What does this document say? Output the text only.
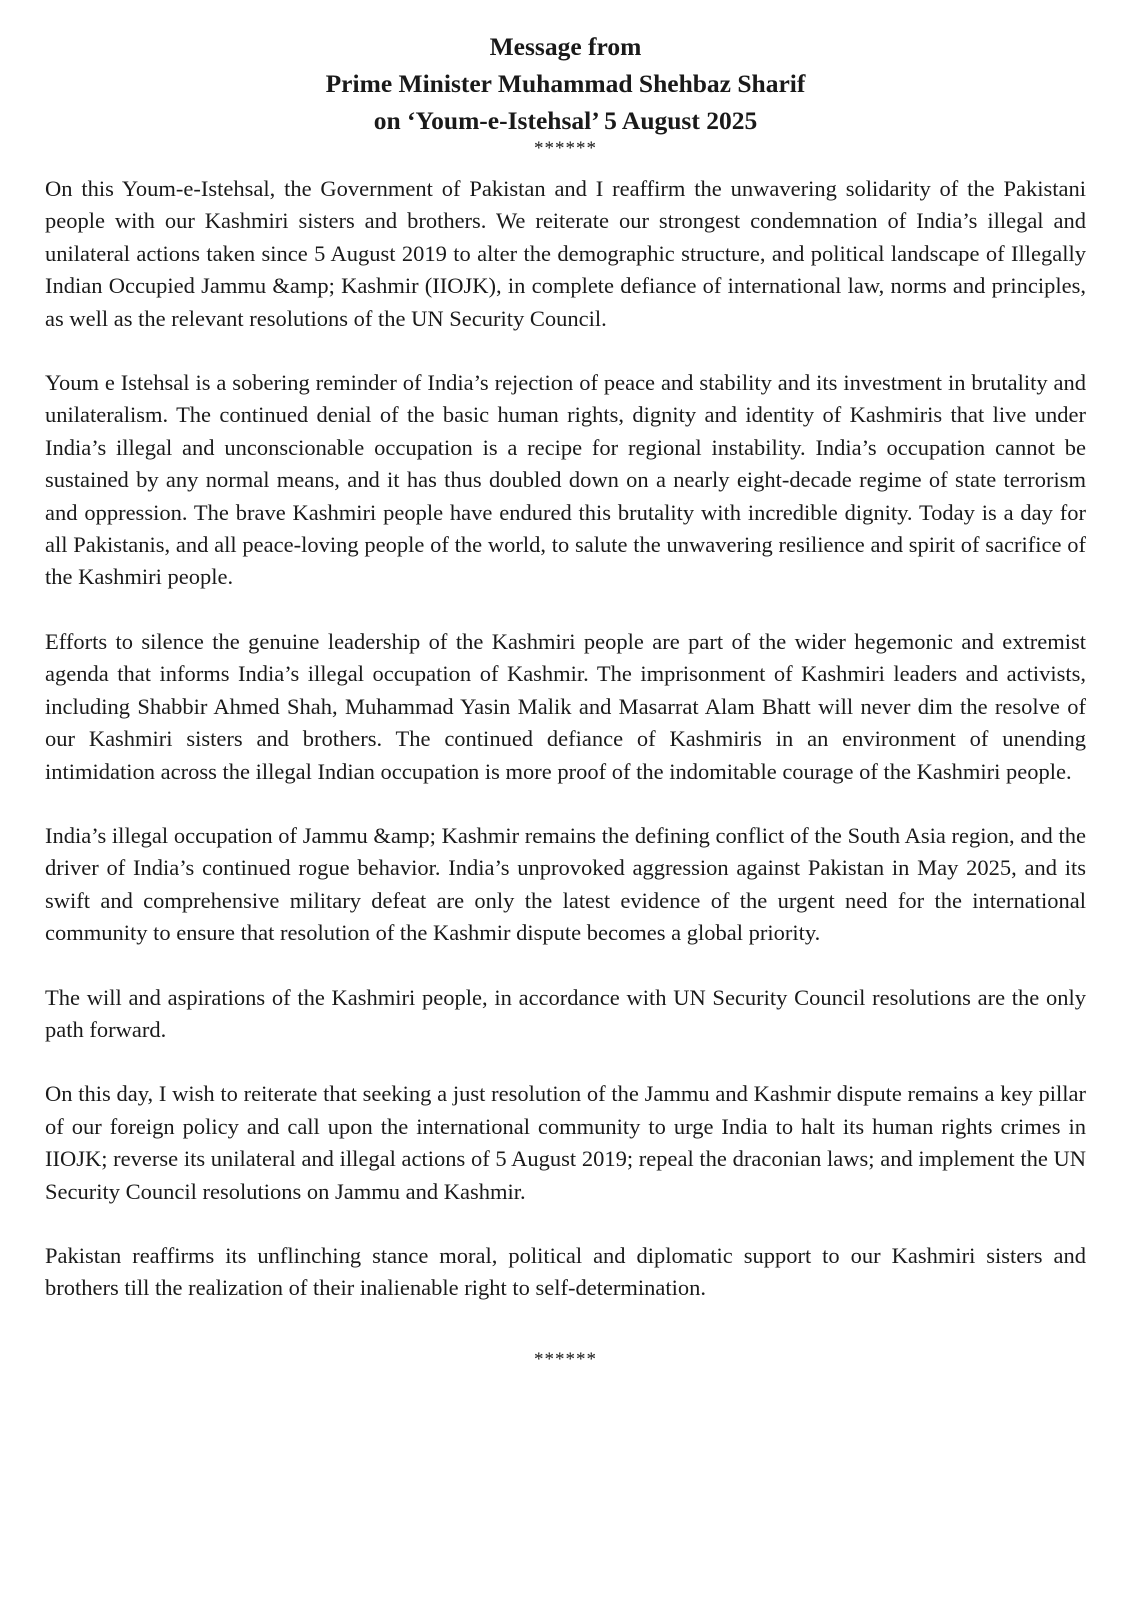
Message from
Prime Minister Muhammad Shehbaz Sharif
on ‘Youm-e-Istehsal’ 5 August 2025
******

On this Youm-e-Istehsal, the Government of Pakistan and I reaffirm the unwavering solidarity of the Pakistani people with our Kashmiri sisters and brothers. We reiterate our strongest condemnation of India’s illegal and unilateral actions taken since 5 August 2019 to alter the demographic structure, and political landscape of Illegally Indian Occupied Jammu &amp; Kashmir (IIOJK), in complete defiance of international law, norms and principles, as well as the relevant resolutions of the UN Security Council.

Youm e Istehsal is a sobering reminder of India’s rejection of peace and stability and its investment in brutality and unilateralism. The continued denial of the basic human rights, dignity and identity of Kashmiris that live under India’s illegal and unconscionable occupation is a recipe for regional instability. India’s occupation cannot be sustained by any normal means, and it has thus doubled down on a nearly eight-decade regime of state terrorism and oppression. The brave Kashmiri people have endured this brutality with incredible dignity. Today is a day for all Pakistanis, and all peace-loving people of the world, to salute the unwavering resilience and spirit of sacrifice of the Kashmiri people.

Efforts to silence the genuine leadership of the Kashmiri people are part of the wider hegemonic and extremist agenda that informs India’s illegal occupation of Kashmir. The imprisonment of Kashmiri leaders and activists, including Shabbir Ahmed Shah, Muhammad Yasin Malik and Masarrat Alam Bhatt will never dim the resolve of our Kashmiri sisters and brothers. The continued defiance of Kashmiris in an environment of unending intimidation across the illegal Indian occupation is more proof of the indomitable courage of the Kashmiri people.

India’s illegal occupation of Jammu &amp; Kashmir remains the defining conflict of the South Asia region, and the driver of India’s continued rogue behavior. India’s unprovoked aggression against Pakistan in May 2025, and its swift and comprehensive military defeat are only the latest evidence of the urgent need for the international community to ensure that resolution of the Kashmir dispute becomes a global priority.

The will and aspirations of the Kashmiri people, in accordance with UN Security Council resolutions are the only path forward.

On this day, I wish to reiterate that seeking a just resolution of the Jammu and Kashmir dispute remains a key pillar of our foreign policy and call upon the international community to urge India to halt its human rights crimes in IIOJK; reverse its unilateral and illegal actions of 5 August 2019; repeal the draconian laws; and implement the UN Security Council resolutions on Jammu and Kashmir.

Pakistan reaffirms its unflinching stance moral, political and diplomatic support to our Kashmiri sisters and brothers till the realization of their inalienable right to self-determination.

******
